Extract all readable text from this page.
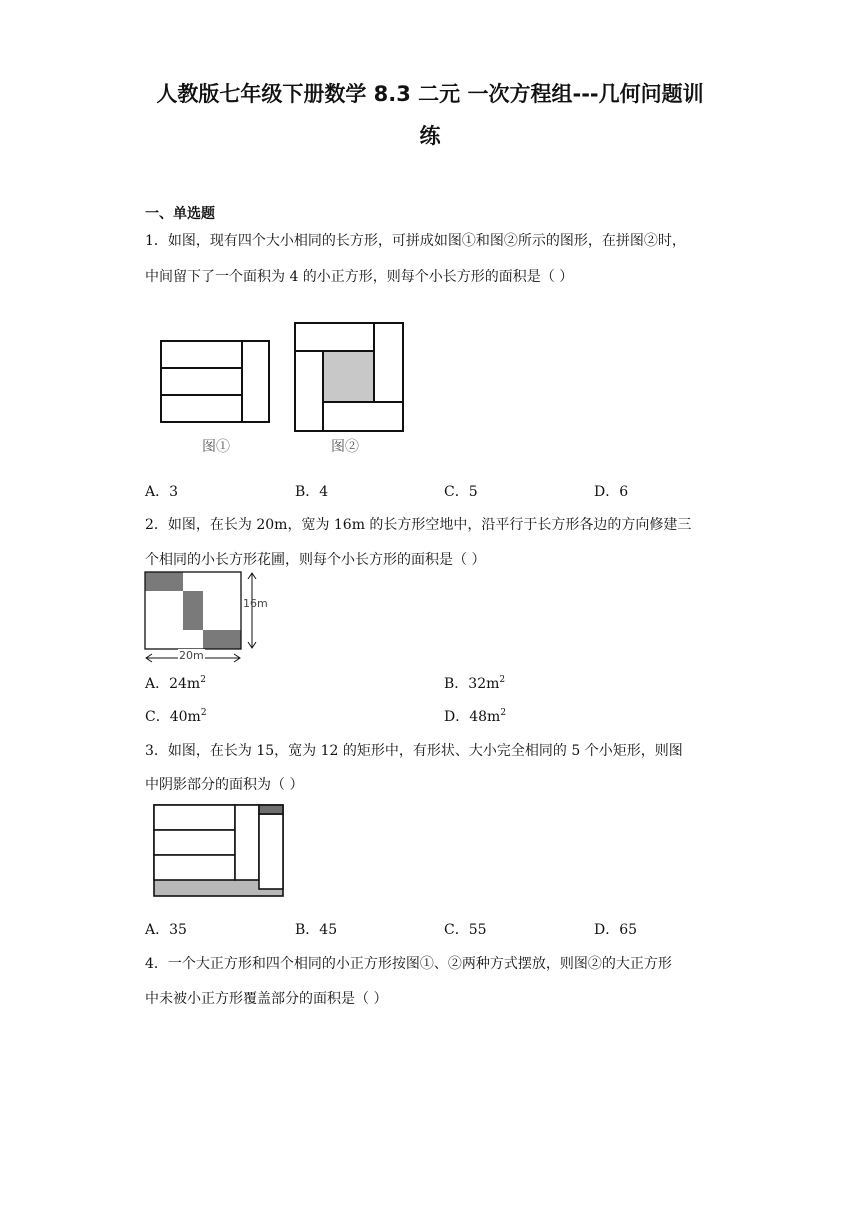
人教版七年级下册数学 8.3 二元 一次方程组---几何问题训
练
一、单选题
1．如图，现有四个大小相同的长方形，可拼成如图①和图②所示的图形，在拼图②时，
中间留下了一个面积为 4 的小正方形，则每个小长方形的面积是（ ）
图①	图②
A．3	B．4	C．5	D．6
2．如图，在长为 20m，宽为 16m 的长方形空地中，沿平行于长方形各边的方向修建三
个相同的小长方形花圃，则每个小长方形的面积是（ ）
16m
20m
A．$24m^2$	B．$32m^2$
C．$40m^2$	D．$48m^2$
3．如图，在长为 15，宽为 12 的矩形中，有形状、大小完全相同的 5 个小矩形，则图
中阴影部分的面积为（ ）
A．35	B．45	C．55	D．65
4．一个大正方形和四个相同的小正方形按图①、②两种方式摆放，则图②的大正方形
中未被小正方形覆盖部分的面积是（ ）
